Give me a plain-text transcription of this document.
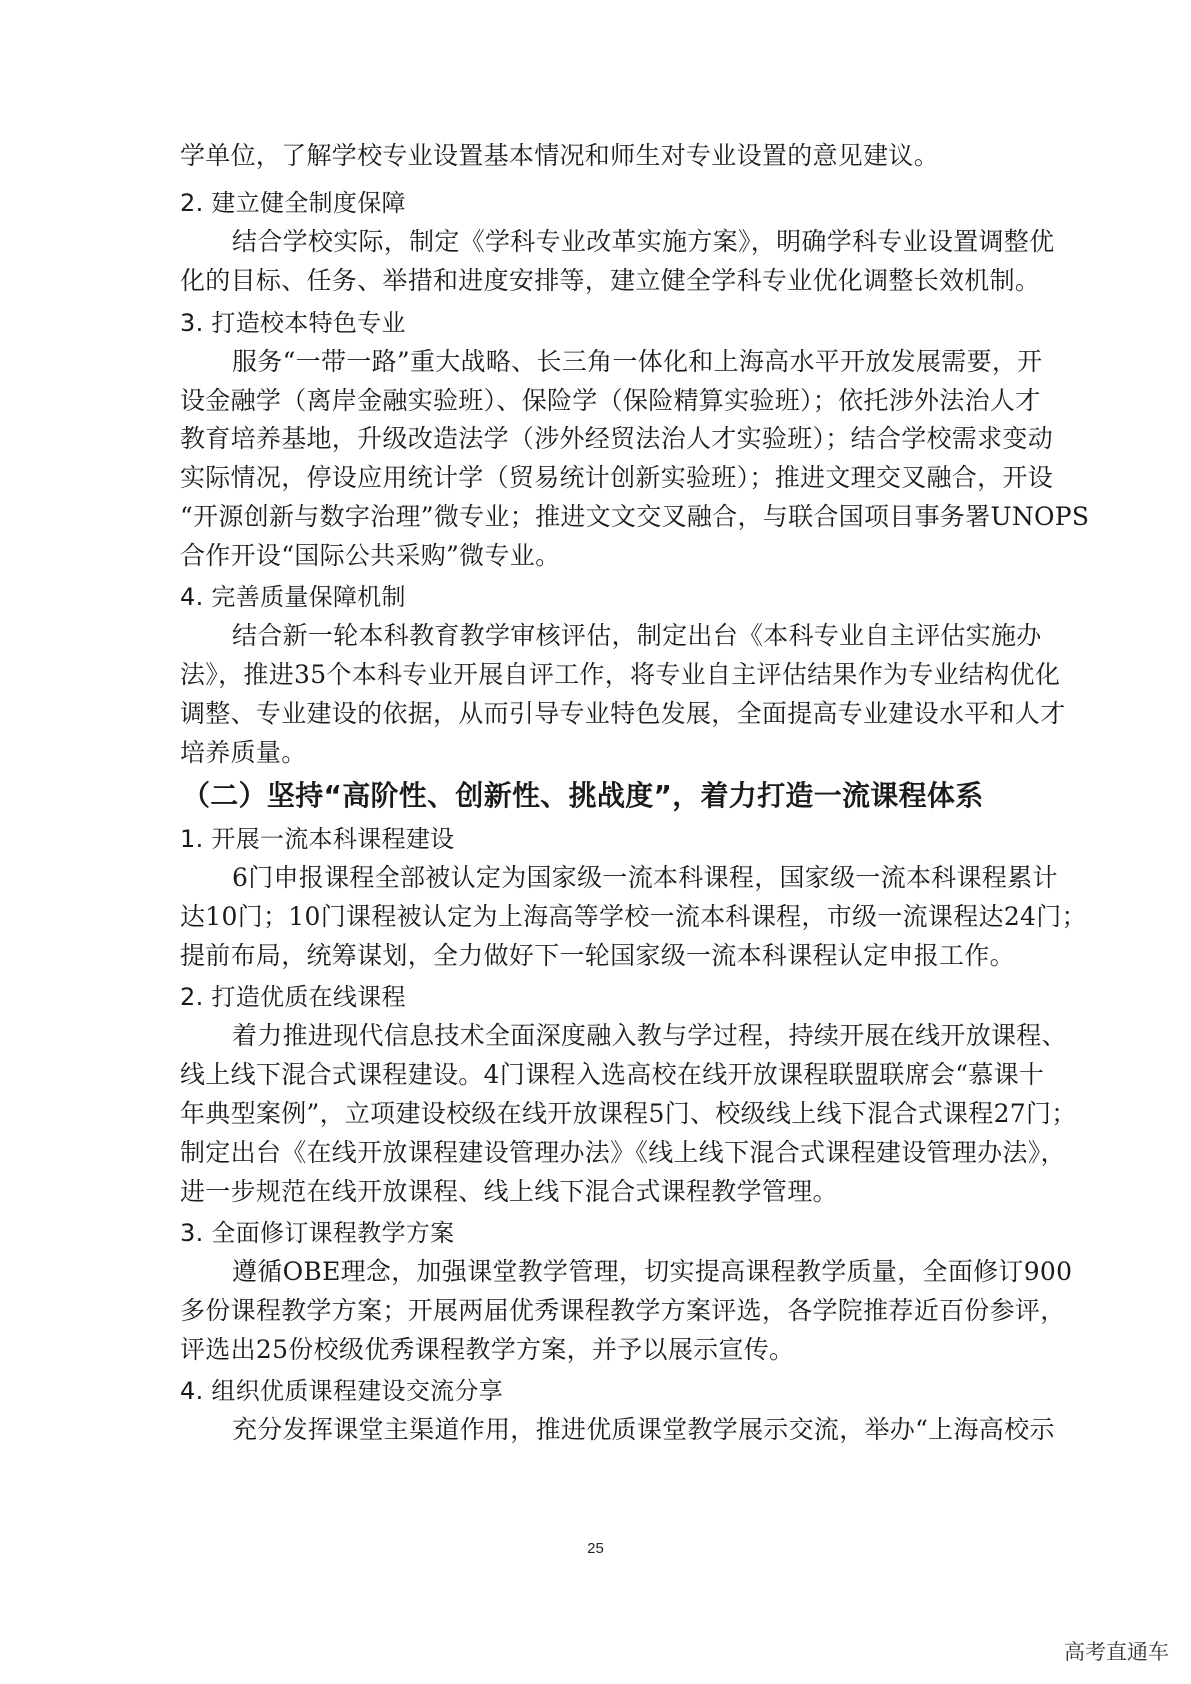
学单位，了解学校专业设置基本情况和师生对专业设置的意见建议。
2. 建立健全制度保障
结合学校实际，制定《学科专业改革实施方案》，明确学科专业设置调整优
化的目标、任务、举措和进度安排等，建立健全学科专业优化调整长效机制。
3. 打造校本特色专业
服务“一带一路”重大战略、长三角一体化和上海高水平开放发展需要，开
设金融学（离岸金融实验班）、保险学（保险精算实验班）；依托涉外法治人才
教育培养基地，升级改造法学（涉外经贸法治人才实验班）；结合学校需求变动
实际情况，停设应用统计学（贸易统计创新实验班）；推进文理交叉融合，开设
“开源创新与数字治理”微专业；推进文文交叉融合，与联合国项目事务署UNOPS
合作开设“国际公共采购”微专业。
4. 完善质量保障机制
结合新一轮本科教育教学审核评估，制定出台《本科专业自主评估实施办
法》，推进35个本科专业开展自评工作，将专业自主评估结果作为专业结构优化
调整、专业建设的依据，从而引导专业特色发展，全面提高专业建设水平和人才
培养质量。
（二）坚持“高阶性、创新性、挑战度”，着力打造一流课程体系
1. 开展一流本科课程建设
6门申报课程全部被认定为国家级一流本科课程，国家级一流本科课程累计
达10门；10门课程被认定为上海高等学校一流本科课程，市级一流课程达24门；
提前布局，统筹谋划，全力做好下一轮国家级一流本科课程认定申报工作。
2. 打造优质在线课程
着力推进现代信息技术全面深度融入教与学过程，持续开展在线开放课程、
线上线下混合式课程建设。4门课程入选高校在线开放课程联盟联席会“慕课十
年典型案例”，立项建设校级在线开放课程5门、校级线上线下混合式课程27门；
制定出台《在线开放课程建设管理办法》《线上线下混合式课程建设管理办法》，
进一步规范在线开放课程、线上线下混合式课程教学管理。
3. 全面修订课程教学方案
遵循OBE理念，加强课堂教学管理，切实提高课程教学质量，全面修订900
多份课程教学方案；开展两届优秀课程教学方案评选，各学院推荐近百份参评，
评选出25份校级优秀课程教学方案，并予以展示宣传。
4. 组织优质课程建设交流分享
充分发挥课堂主渠道作用，推进优质课堂教学展示交流，举办“上海高校示
25
高考直通车
